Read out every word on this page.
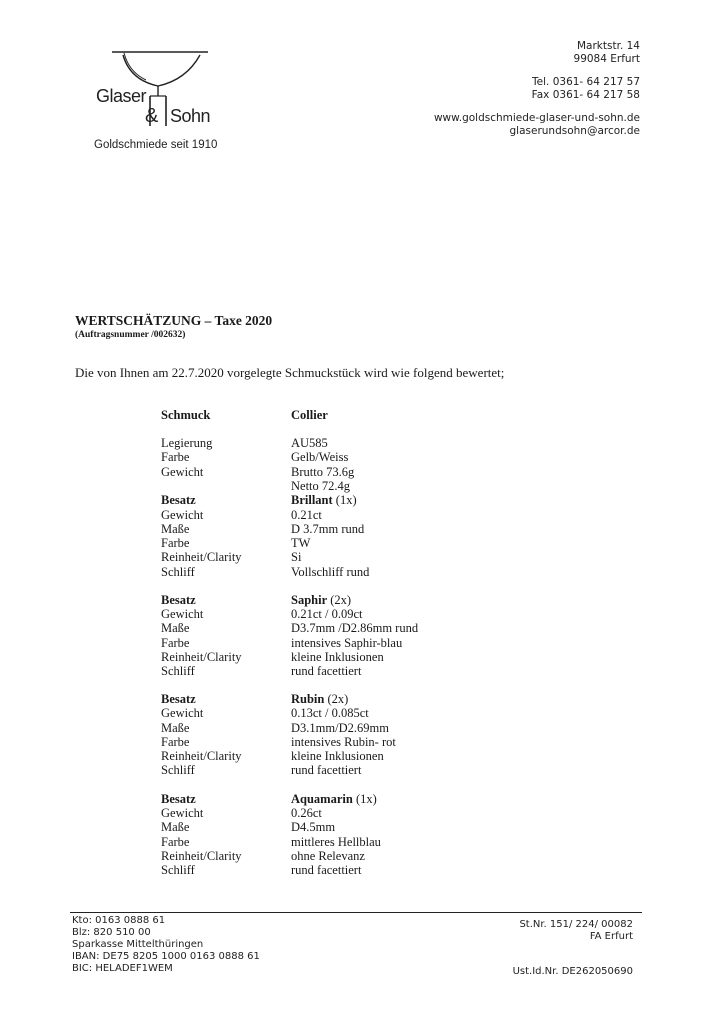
&
Glaser
Sohn
Goldschmiede seit 1910
Marktstr. 14
99084 Erfurt
Tel. 0361- 64 217 57
Fax 0361- 64 217 58
www.goldschmiede-glaser-und-sohn.de
glaserundsohn@arcor.de
WERTSCHÄTZUNG – Taxe 2020
(Auftragsnummer /002632)
Die von Ihnen am 22.7.2020 vorgelegte Schmuckstück wird wie folgend bewertet;
Schmuck	Collier
Legierung	AU585
Farbe	Gelb/Weiss
Gewicht	Brutto 73.6g
Netto 72.4g
Besatz	Brillant (1x)
Gewicht	0.21ct
Maße	D 3.7mm rund
Farbe	TW
Reinheit/Clarity	Si
Schliff	Vollschliff rund
Besatz	Saphir (2x)
Gewicht	0.21ct / 0.09ct
Maße	D3.7mm /D2.86mm rund
Farbe	intensives Saphir-blau
Reinheit/Clarity	kleine Inklusionen
Schliff	rund facettiert
Besatz	Rubin (2x)
Gewicht	0.13ct / 0.085ct
Maße	D3.1mm/D2.69mm
Farbe	intensives Rubin- rot
Reinheit/Clarity	kleine Inklusionen
Schliff	rund facettiert
Besatz	Aquamarin (1x)
Gewicht	0.26ct
Maße	D4.5mm
Farbe	mittleres Hellblau
Reinheit/Clarity	ohne Relevanz
Schliff	rund facettiert
Kto: 0163 0888 61
Blz: 820 510 00
Sparkasse Mittelthüringen
IBAN: DE75 8205 1000 0163 0888 61
BIC: HELADEF1WEM
St.Nr. 151/ 224/ 00082
FA Erfurt
Ust.Id.Nr. DE262050690
